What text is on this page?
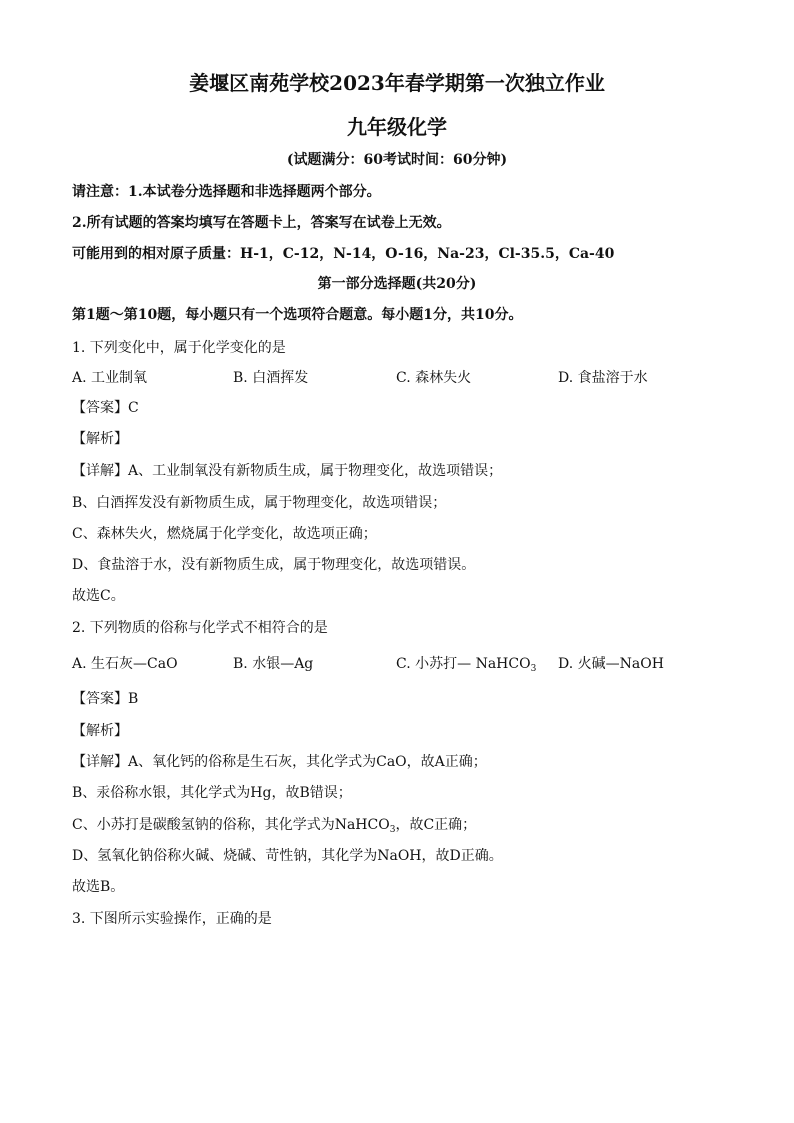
姜堰区南苑学校2023年春学期第一次独立作业
九年级化学
(试题满分：60考试时间：60分钟)
请注意：1.本试卷分选择题和非选择题两个部分。
2.所有试题的答案均填写在答题卡上，答案写在试卷上无效。
可能用到的相对原子质量：H-1，C-12，N-14，O-16，Na-23，Cl-35.5，Ca-40
第一部分选择题(共20分)
第1题～第10题，每小题只有一个选项符合题意。每小题1分，共10分。
1. 下列变化中，属于化学变化的是
A. 工业制氧	B. 白酒挥发	C. 森林失火	D. 食盐溶于水
【答案】C
【解析】
【详解】A、工业制氧没有新物质生成，属于物理变化，故选项错误；
B、白酒挥发没有新物质生成，属于物理变化，故选项错误；
C、森林失火，燃烧属于化学变化，故选项正确；
D、食盐溶于水，没有新物质生成，属于物理变化，故选项错误。
故选C。
2. 下列物质的俗称与化学式不相符合的是
A. 生石灰—CaO	B. 水银—Ag	C. 小苏打— NaHCO$_3$ D. 火碱—NaOH
【答案】B
【解析】
【详解】A、氧化钙的俗称是生石灰，其化学式为CaO，故A正确；
B、汞俗称水银，其化学式为Hg，故B错误；
C、小苏打是碳酸氢钠的俗称，其化学式为NaHCO$_3$，故C正确；
D、氢氧化钠俗称火碱、烧碱、苛性钠，其化学为NaOH，故D正确。
故选B。
3. 下图所示实验操作，正确的是
